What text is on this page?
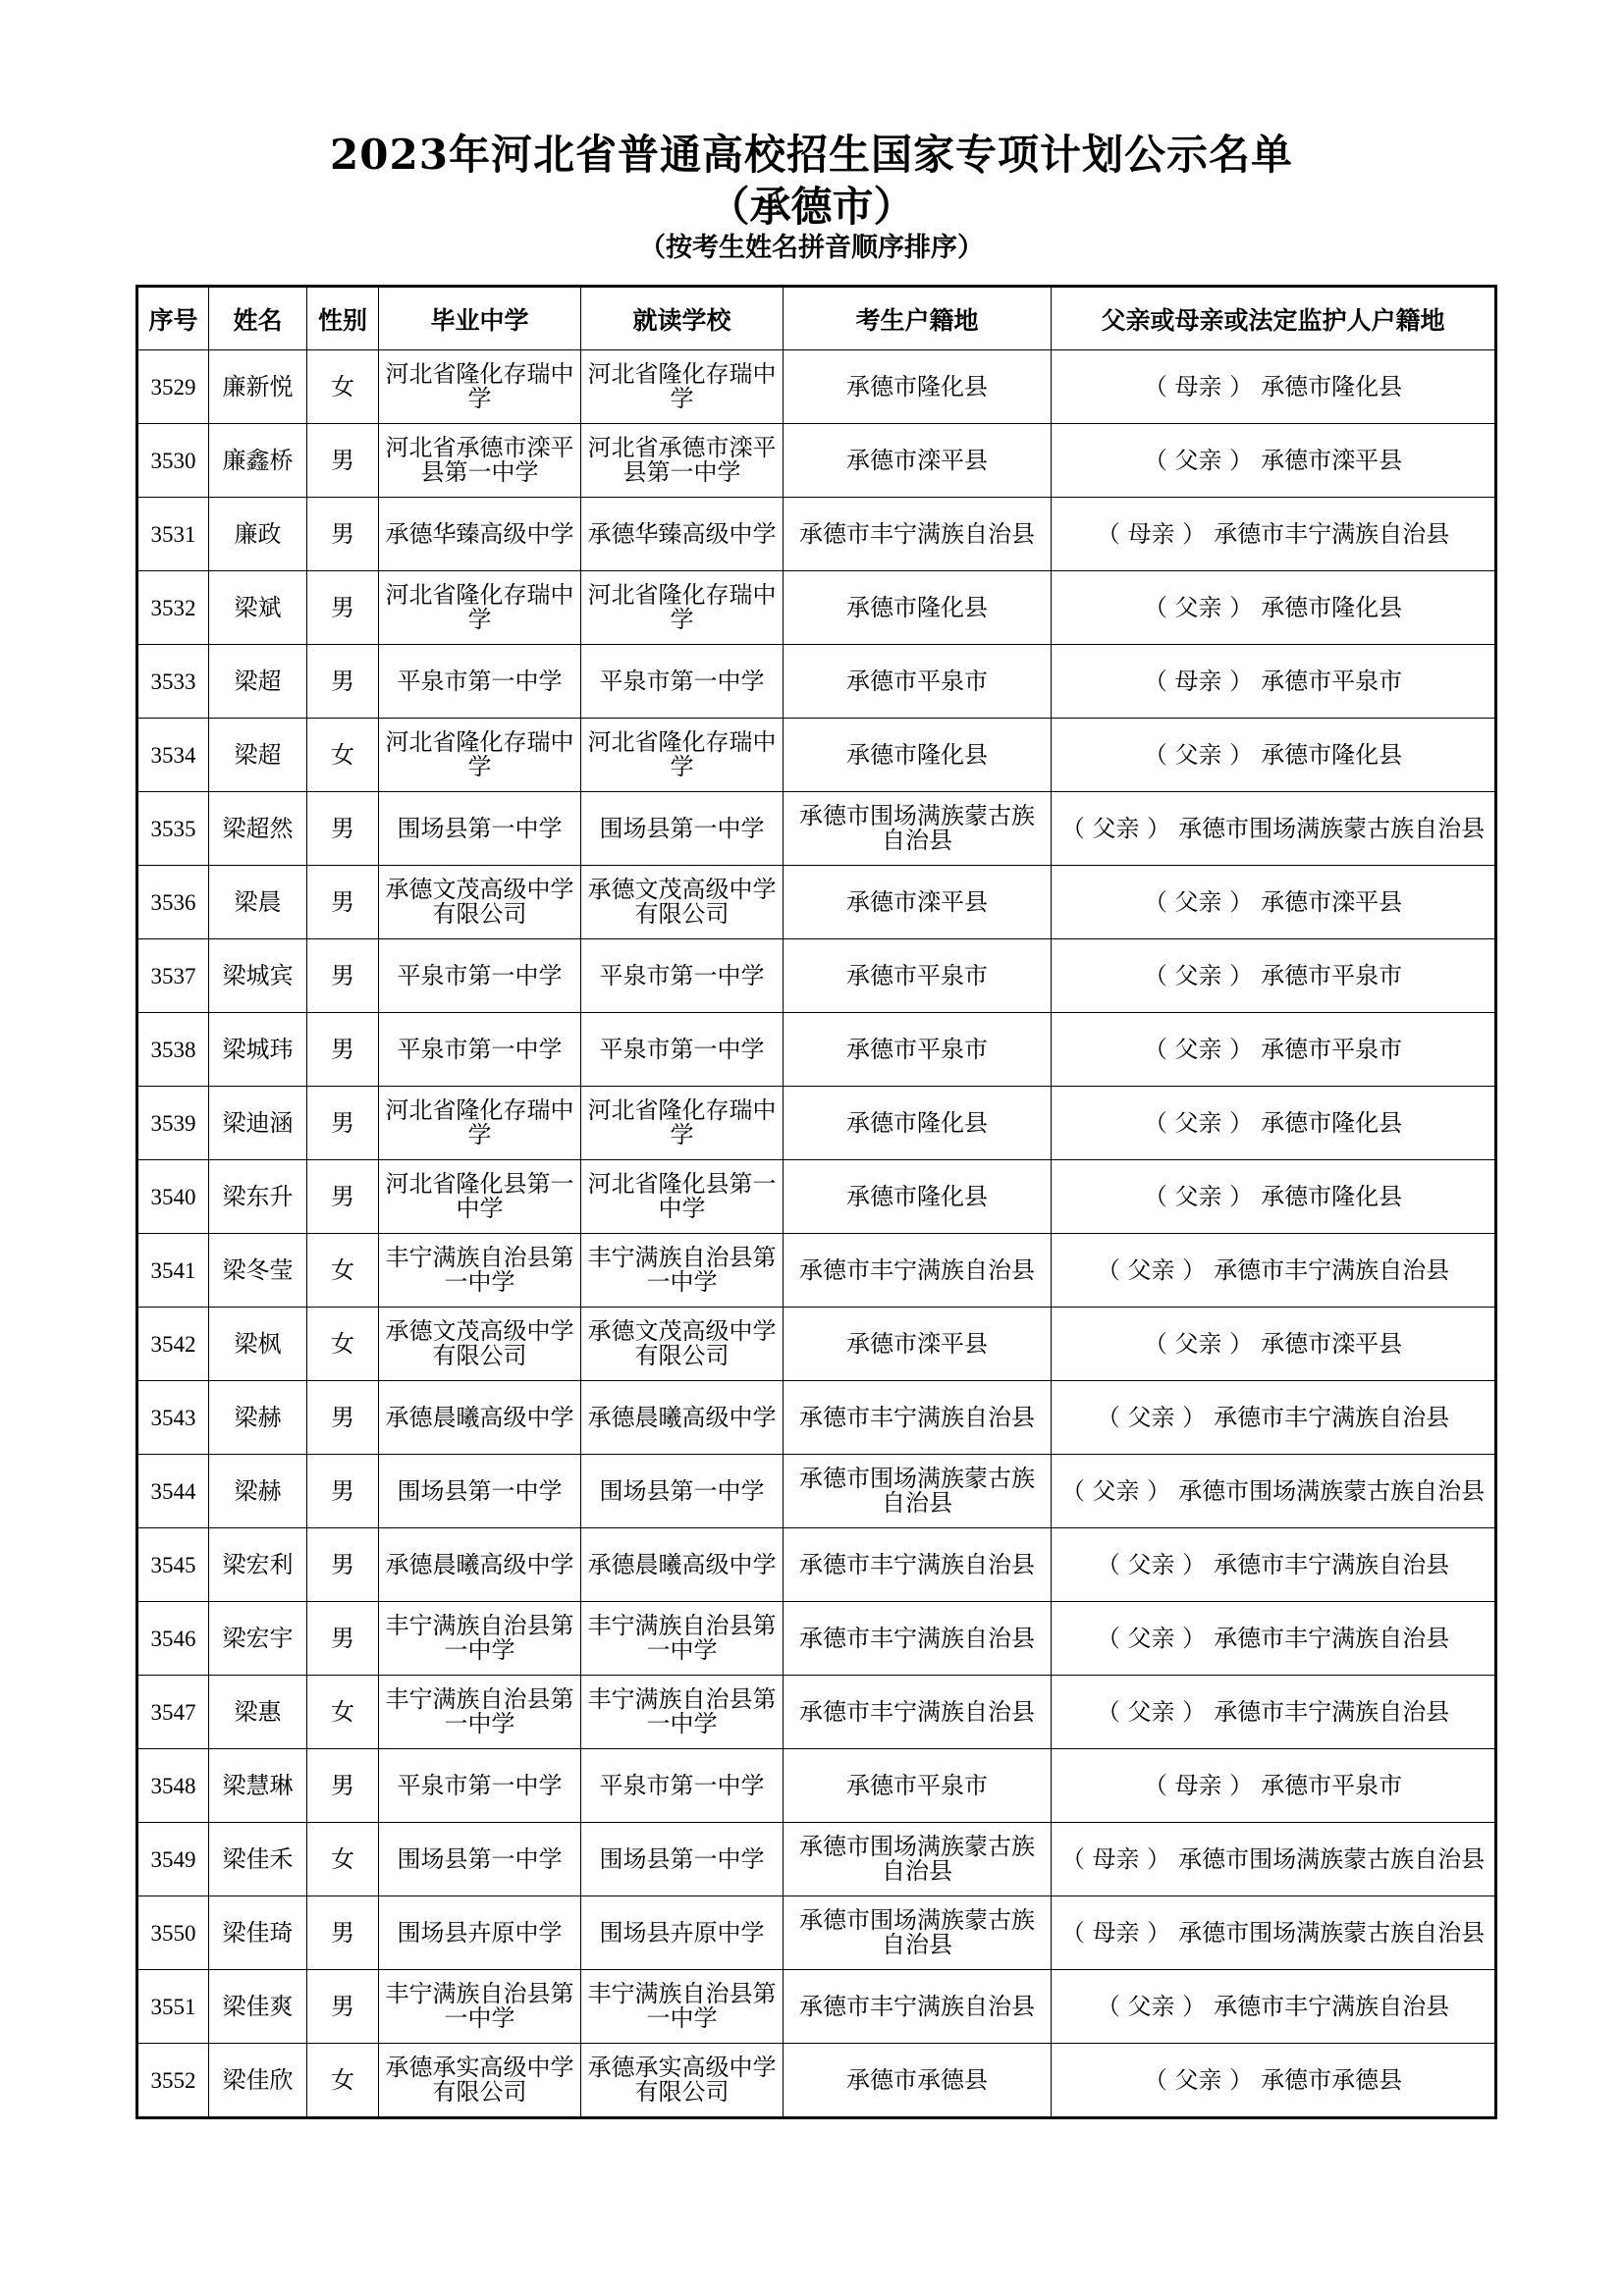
2023年河北省普通高校招生国家专项计划公示名单
（承德市）
（按考生姓名拼音顺序排序）
序号	姓名	性别	毕业中学	就读学校	考生户籍地	父亲或母亲或法定监护人户籍地
3529	廉新悦	女	河北省隆化存瑞中学	河北省隆化存瑞中学	承德市隆化县	（ 母亲 ） 承德市隆化县
3530	廉鑫桥	男	河北省承德市滦平县第一中学	河北省承德市滦平县第一中学	承德市滦平县	（ 父亲 ） 承德市滦平县
3531	廉政	男	承德华臻高级中学	承德华臻高级中学	承德市丰宁满族自治县	（ 母亲 ） 承德市丰宁满族自治县
3532	梁斌	男	河北省隆化存瑞中学	河北省隆化存瑞中学	承德市隆化县	（ 父亲 ） 承德市隆化县
3533	梁超	男	平泉市第一中学	平泉市第一中学	承德市平泉市	（ 母亲 ） 承德市平泉市
3534	梁超	女	河北省隆化存瑞中学	河北省隆化存瑞中学	承德市隆化县	（ 父亲 ） 承德市隆化县
3535	梁超然	男	围场县第一中学	围场县第一中学	承德市围场满族蒙古族自治县	（ 父亲 ） 承德市围场满族蒙古族自治县
3536	梁晨	男	承德文茂高级中学有限公司	承德文茂高级中学有限公司	承德市滦平县	（ 父亲 ） 承德市滦平县
3537	梁城宾	男	平泉市第一中学	平泉市第一中学	承德市平泉市	（ 父亲 ） 承德市平泉市
3538	梁城玮	男	平泉市第一中学	平泉市第一中学	承德市平泉市	（ 父亲 ） 承德市平泉市
3539	梁迪涵	男	河北省隆化存瑞中学	河北省隆化存瑞中学	承德市隆化县	（ 父亲 ） 承德市隆化县
3540	梁东升	男	河北省隆化县第一中学	河北省隆化县第一中学	承德市隆化县	（ 父亲 ） 承德市隆化县
3541	梁冬莹	女	丰宁满族自治县第一中学	丰宁满族自治县第一中学	承德市丰宁满族自治县	（ 父亲 ） 承德市丰宁满族自治县
3542	梁枫	女	承德文茂高级中学有限公司	承德文茂高级中学有限公司	承德市滦平县	（ 父亲 ） 承德市滦平县
3543	梁赫	男	承德晨曦高级中学	承德晨曦高级中学	承德市丰宁满族自治县	（ 父亲 ） 承德市丰宁满族自治县
3544	梁赫	男	围场县第一中学	围场县第一中学	承德市围场满族蒙古族自治县	（ 父亲 ） 承德市围场满族蒙古族自治县
3545	梁宏利	男	承德晨曦高级中学	承德晨曦高级中学	承德市丰宁满族自治县	（ 父亲 ） 承德市丰宁满族自治县
3546	梁宏宇	男	丰宁满族自治县第一中学	丰宁满族自治县第一中学	承德市丰宁满族自治县	（ 父亲 ） 承德市丰宁满族自治县
3547	梁惠	女	丰宁满族自治县第一中学	丰宁满族自治县第一中学	承德市丰宁满族自治县	（ 父亲 ） 承德市丰宁满族自治县
3548	梁慧琳	男	平泉市第一中学	平泉市第一中学	承德市平泉市	（ 母亲 ） 承德市平泉市
3549	梁佳禾	女	围场县第一中学	围场县第一中学	承德市围场满族蒙古族自治县	（ 母亲 ） 承德市围场满族蒙古族自治县
3550	梁佳琦	男	围场县卉原中学	围场县卉原中学	承德市围场满族蒙古族自治县	（ 母亲 ） 承德市围场满族蒙古族自治县
3551	梁佳爽	男	丰宁满族自治县第一中学	丰宁满族自治县第一中学	承德市丰宁满族自治县	（ 父亲 ） 承德市丰宁满族自治县
3552	梁佳欣	女	承德承实高级中学有限公司	承德承实高级中学有限公司	承德市承德县	（ 父亲 ） 承德市承德县
